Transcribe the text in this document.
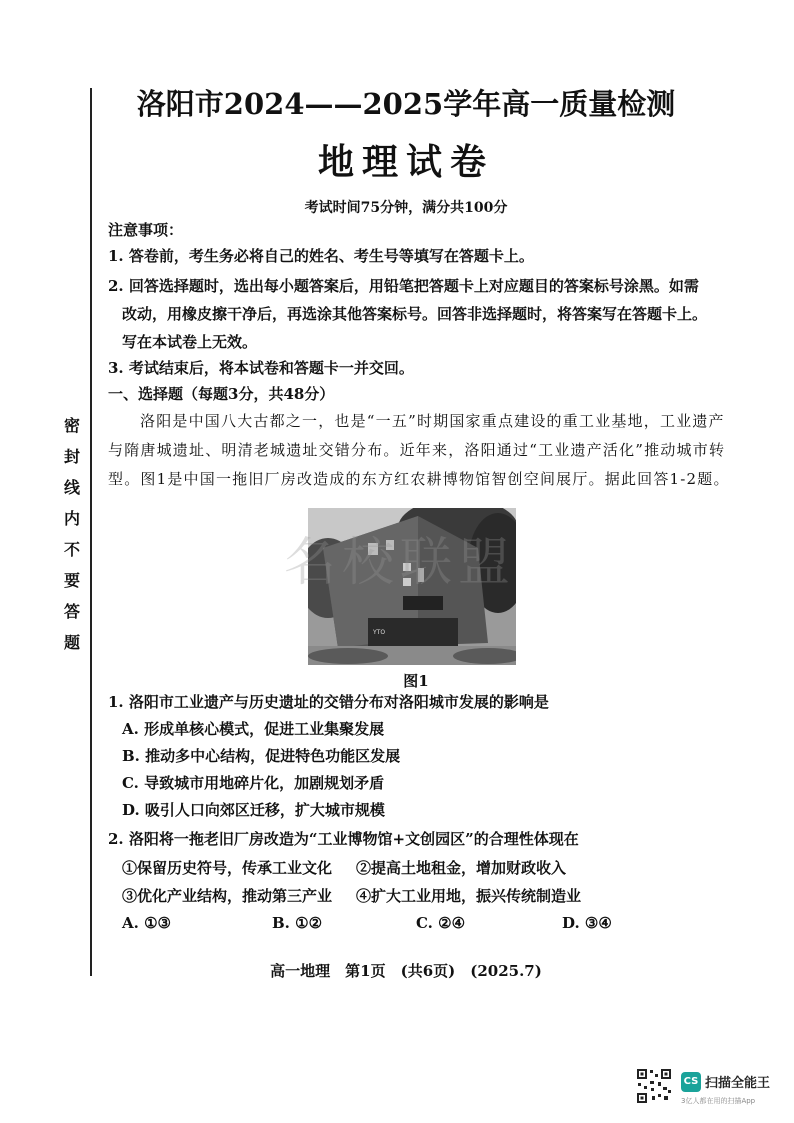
密
封
线
内
不
要
答
题
洛阳市2024——2025学年高一质量检测
地理试卷
考试时间75分钟，满分共100分
注意事项：
1. 答卷前，考生务必将自己的姓名、考生号等填写在答题卡上。
2. 回答选择题时，选出每小题答案后，用铅笔把答题卡上对应题目的答案标号涂黑。如需
改动，用橡皮擦干净后，再选涂其他答案标号。回答非选择题时，将答案写在答题卡上。
写在本试卷上无效。
3. 考试结束后，将本试卷和答题卡一并交回。
一、选择题（每题3分，共48分）
洛阳是中国八大古都之一，也是“一五”时期国家重点建设的重工业基地，工业遗产
与隋唐城遗址、明清老城遗址交错分布。近年来，洛阳通过“工业遗产活化”推动城市转
型。图1是中国一拖旧厂房改造成的东方红农耕博物馆智创空间展厅。据此回答1-2题。
YTO
名校联盟
图1
1. 洛阳市工业遗产与历史遗址的交错分布对洛阳城市发展的影响是
A. 形成单核心模式，促进工业集聚发展
B. 推动多中心结构，促进特色功能区发展
C. 导致城市用地碎片化，加剧规划矛盾
D. 吸引人口向郊区迁移，扩大城市规模
2. 洛阳将一拖老旧厂房改造为“工业博物馆+文创园区”的合理性体现在
①保留历史符号，传承工业文化 ②提高土地租金，增加财政收入
③优化产业结构，推动第三产业 ④扩大工业用地，振兴传统制造业
A. ①③	B. ①②	C. ②④	D. ③④
高一地理　第1页　(共6页)　(2025.7)
CS 扫描全能王
3亿人都在用的扫描App
